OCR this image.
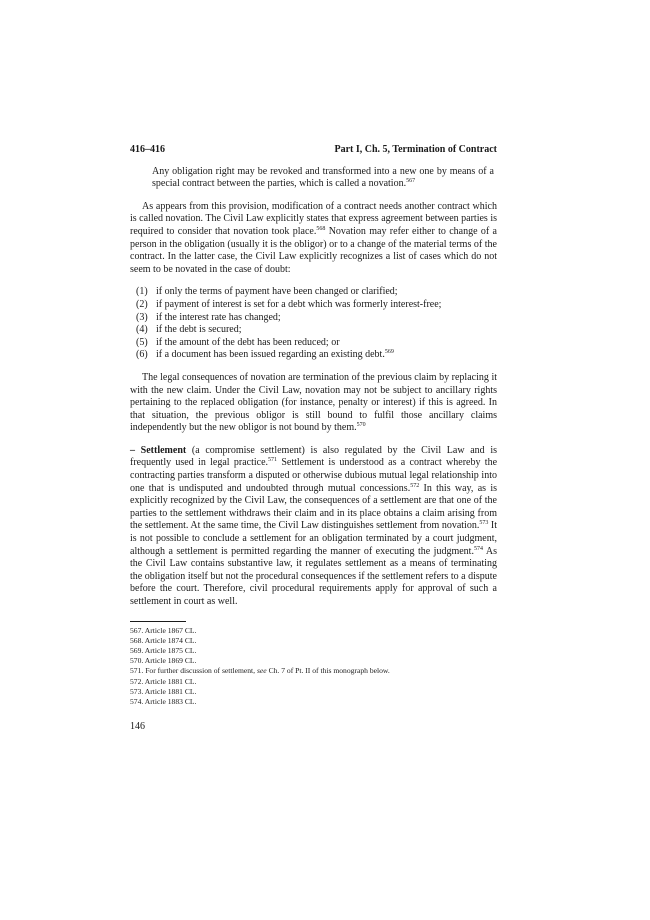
416–416	Part I, Ch. 5, Termination of Contract

Any obligation right may be revoked and transformed into a new one by means of a special contract between the parties, which is called a novation.$^{567}$

As appears from this provision, modification of a contract needs another contract which is called novation. The Civil Law explicitly states that express agreement between parties is required to consider that novation took place.$^{568}$ Novation may refer either to change of a person in the obligation (usually it is the obligor) or to a change of the material terms of the contract. In the latter case, the Civil Law explicitly recognizes a list of cases which do not seem to be novated in the case of doubt:

(1) if only the terms of payment have been changed or clarified;
(2) if payment of interest is set for a debt which was formerly interest-free;
(3) if the interest rate has changed;
(4) if the debt is secured;
(5) if the amount of the debt has been reduced; or
(6) if a document has been issued regarding an existing debt.$^{569}$

The legal consequences of novation are termination of the previous claim by replacing it with the new claim. Under the Civil Law, novation may not be subject to ancillary rights pertaining to the replaced obligation (for instance, penalty or interest) if this is agreed. In that situation, the previous obligor is still bound to fulfil those ancillary claims independently but the new obligor is not bound by them.$^{570}$

– Settlement (a compromise settlement) is also regulated by the Civil Law and is frequently used in legal practice.$^{571}$ Settlement is understood as a contract whereby the contracting parties transform a disputed or otherwise dubious mutual legal relationship into one that is undisputed and undoubted through mutual concessions.$^{572}$ In this way, as is explicitly recognized by the Civil Law, the consequences of a settlement are that one of the parties to the settlement withdraws their claim and in its place obtains a claim arising from the settlement. At the same time, the Civil Law distinguishes settlement from novation.$^{573}$ It is not possible to conclude a settlement for an obligation terminated by a court judgment, although a settlement is permitted regarding the manner of executing the judgment.$^{574}$ As the Civil Law contains substantive law, it regulates settlement as a means of terminating the obligation itself but not the procedural consequences if the settlement refers to a dispute before the court. Therefore, civil procedural requirements apply for approval of such a settlement in court as well.

567. Article 1867 CL.
568. Article 1874 CL.
569. Article 1875 CL.
570. Article 1869 CL.
571. For further discussion of settlement, see Ch. 7 of Pt. II of this monograph below.
572. Article 1881 CL.
573. Article 1881 CL.
574. Article 1883 CL.
146
